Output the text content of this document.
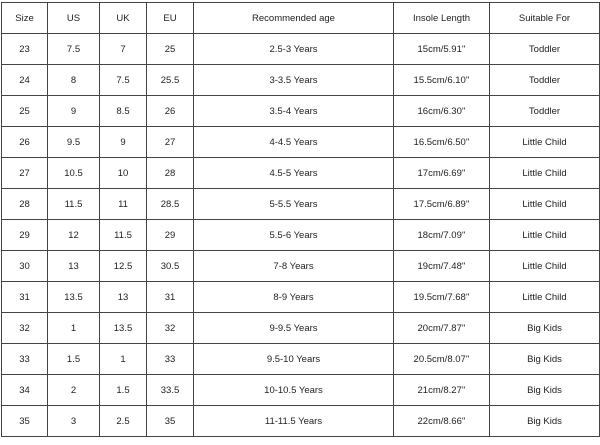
Size	US	UK	EU	Recommended age	Insole Length	Suitable For
23	7.5	7	25	2.5-3 Years	15cm/5.91''	Toddler
24	8	7.5	25.5	3-3.5 Years	15.5cm/6.10''	Toddler
25	9	8.5	26	3.5-4 Years	16cm/6.30''	Toddler
26	9.5	9	27	4-4.5 Years	16.5cm/6.50''	Little Child
27	10.5	10	28	4.5-5 Years	17cm/6.69''	Little Child
28	11.5	11	28.5	5-5.5 Years	17.5cm/6.89''	Little Child
29	12	11.5	29	5.5-6 Years	18cm/7.09''	Little Child
30	13	12.5	30.5	7-8 Years	19cm/7.48''	Little Child
31	13.5	13	31	8-9 Years	19.5cm/7.68''	Little Child
32	1	13.5	32	9-9.5 Years	20cm/7.87''	Big Kids
33	1.5	1	33	9.5-10 Years	20.5cm/8.07''	Big Kids
34	2	1.5	33.5	10-10.5 Years	21cm/8.27''	Big Kids
35	3	2.5	35	11-11.5 Years	22cm/8.66''	Big Kids
